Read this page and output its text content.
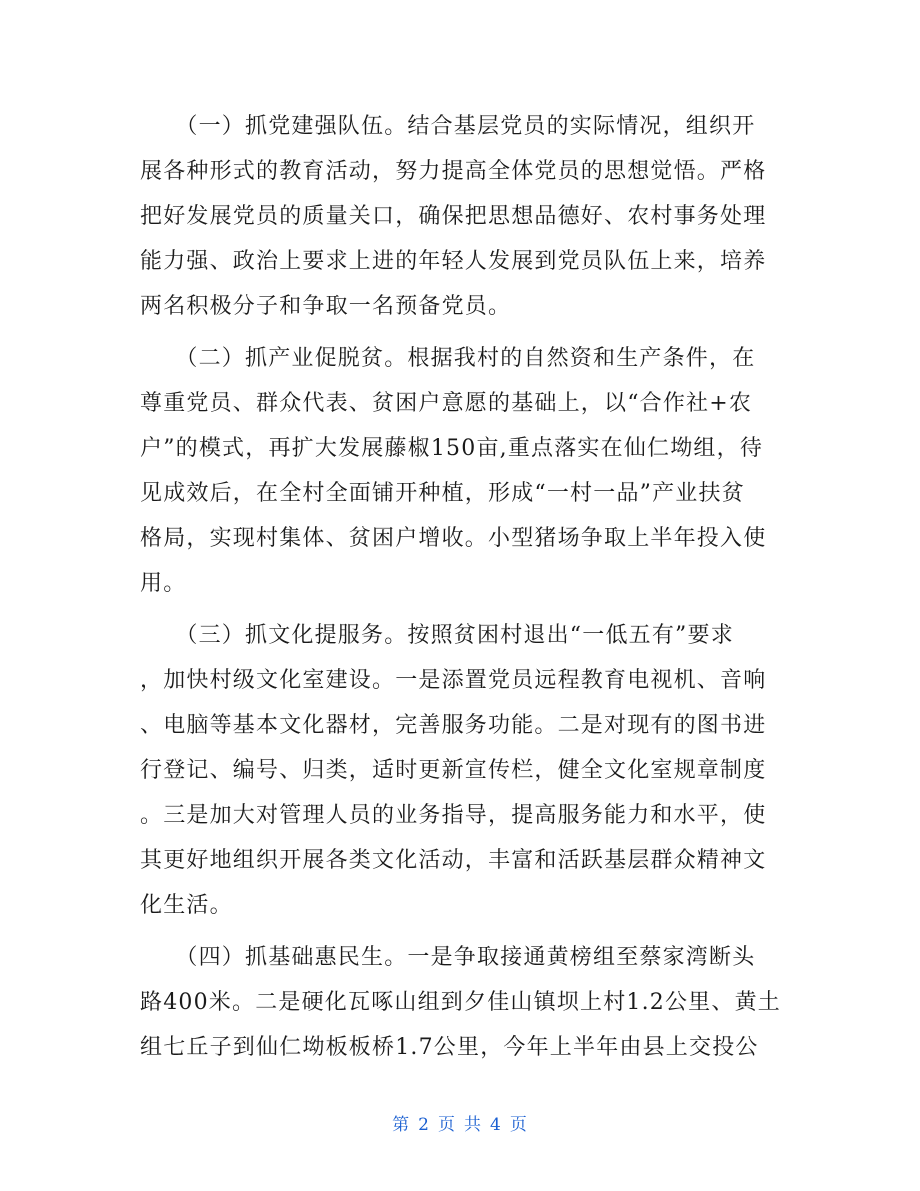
　　（一）抓党建强队伍。结合基层党员的实际情况，组织开
展各种形式的教育活动，努力提高全体党员的思想觉悟。严格
把好发展党员的质量关口，确保把思想品德好、农村事务处理
能力强、政治上要求上进的年轻人发展到党员队伍上来，培养
两名积极分子和争取一名预备党员。
　　（二）抓产业促脱贫。根据我村的自然资和生产条件，在
尊重党员、群众代表、贫困户意愿的基础上，以“合作社+农
户”的模式，再扩大发展藤椒150亩,重点落实在仙仁坳组，待
见成效后，在全村全面铺开种植，形成“一村一品”产业扶贫
格局，实现村集体、贫困户增收。小型猪场争取上半年投入使
用。
　　（三）抓文化提服务。按照贫困村退出“一低五有”要求
，加快村级文化室建设。一是添置党员远程教育电视机、音响
、电脑等基本文化器材，完善服务功能。二是对现有的图书进
行登记、编号、归类，适时更新宣传栏，健全文化室规章制度
。三是加大对管理人员的业务指导，提高服务能力和水平，使
其更好地组织开展各类文化活动，丰富和活跃基层群众精神文
化生活。
　　（四）抓基础惠民生。一是争取接通黄榜组至蔡家湾断头
路400米。二是硬化瓦啄山组到夕佳山镇坝上村1.2公里、黄土
组七丘子到仙仁坳板板桥1.7公里，今年上半年由县上交投公
第 2 页 共 4 页
